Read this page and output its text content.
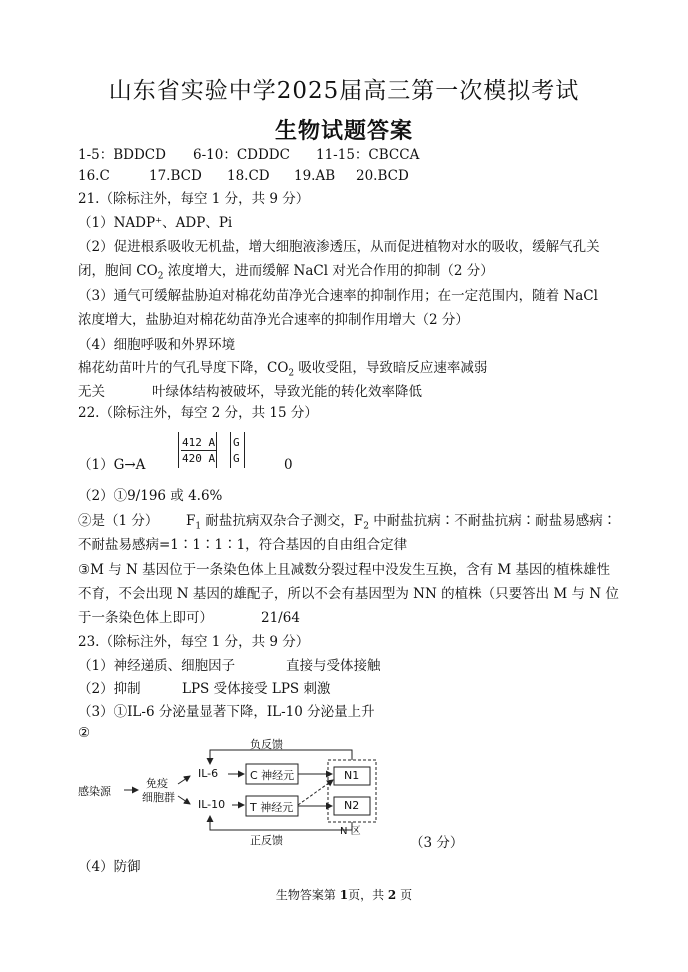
山东省实验中学2025届高三第一次模拟考试
生物试题答案
1-5：BDDCD 6-10：CDDDC 11-15：CBCCA
16.C	17.BCD 18.CD 19.AB 20.BCD
21.（除标注外，每空 1 分，共 9 分）
（1）NADP⁺、ADP、Pi
（2）促进根系吸收无机盐，增大细胞液渗透压，从而促进植物对水的吸收，缓解气孔关
闭，胞间 $CO_2$ 浓度增大，进而缓解 NaCl 对光合作用的抑制（2 分）
（3）通气可缓解盐胁迫对棉花幼苗净光合速率的抑制作用；在一定范围内，随着 NaCl
浓度增大，盐胁迫对棉花幼苗净光合速率的抑制作用增大（2 分）
（4）细胞呼吸和外界环境
棉花幼苗叶片的气孔导度下降，$CO_2$ 吸收受阻，导致暗反应速率减弱
无关	叶绿体结构被破坏，导致光能的转化效率降低
22.（除标注外，每空 2 分，共 15 分）
（1）G→A
412 A
420 A
G
G	0
（2）①9/196 或 4.6%
②是（1 分） $F_1$ 耐盐抗病双杂合子测交，$F_2$ 中耐盐抗病∶不耐盐抗病∶耐盐易感病∶
不耐盐易感病=1∶1∶1∶1，符合基因的自由组合定律
③M 与 N 基因位于一条染色体上且减数分裂过程中没发生互换，含有 M 基因的植株雄性
不育，不会出现 N 基因的雄配子，所以不会有基因型为 NN 的植株（只要答出 M 与 N 位
于一条染色体上即可）	21/64
23.（除标注外，每空 1 分，共 9 分）
（1）神经递质、细胞因子	直接与受体接触
（2）抑制	LPS 受体接受 LPS 刺激
（3）①IL-6 分泌量显著下降，IL-10 分泌量上升
②
感染源
免疫
细胞群
IL-6
IL-10
C 神经元
T 神经元
N1
N2
N 区
负反馈
正反馈	（3 分）
（4）防御
生物答案第 1页，共 2 页
